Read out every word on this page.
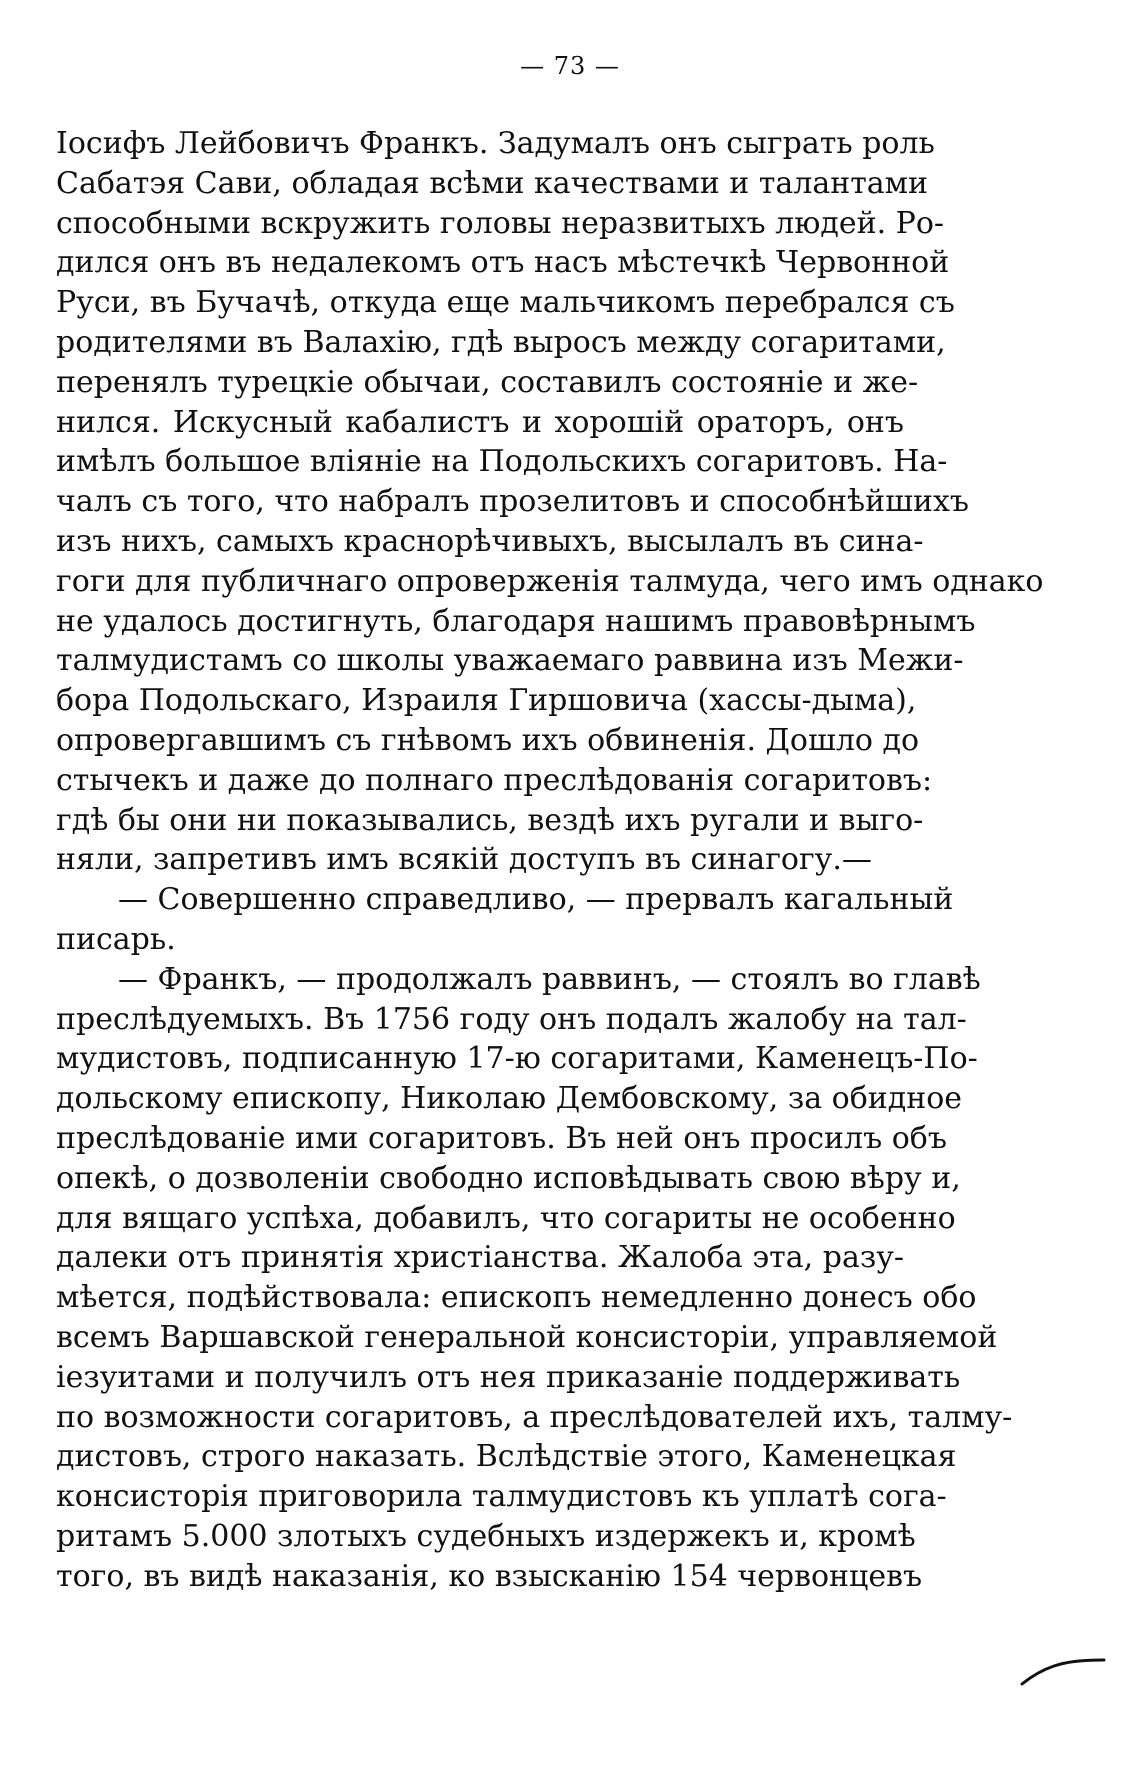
— 73 —
Іосифъ Лейбовичъ Франкъ. Задумалъ онъ сыграть роль
Сабатэя Сави, обладая всѣми качествами и талантами
способными вскружить головы неразвитыхъ людей. Ро-
дился онъ въ недалекомъ отъ насъ мѣстечкѣ Червонной
Руси, въ Бучачѣ, откуда еще мальчикомъ перебрался съ
родителями въ Валахію, гдѣ выросъ между согаритами,
перенялъ турецкіе обычаи, составилъ состояніе и же-
нился. Искусный кабалистъ и хорошій ораторъ, онъ
имѣлъ большое вліяніе на Подольскихъ согаритовъ. На-
чалъ съ того, что набралъ прозелитовъ и способнѣйшихъ
изъ нихъ, самыхъ краснорѣчивыхъ, высылалъ въ сина-
гоги для публичнаго опроверженія талмуда, чего имъ однако
не удалось достигнуть, благодаря нашимъ правовѣрнымъ
талмудистамъ со школы уважаемаго раввина изъ Межи-
бора Подольскаго, Израиля Гиршовича (хассы-дыма),
опровергавшимъ съ гнѣвомъ ихъ обвиненія. Дошло до
стычекъ и даже до полнаго преслѣдованія согаритовъ:
гдѣ бы они ни показывались, вездѣ ихъ ругали и выго-
няли, запретивъ имъ всякій доступъ въ синагогу.—
— Совершенно справедливо, — прервалъ кагальный
писарь.
— Франкъ, — продолжалъ раввинъ, — стоялъ во главѣ
преслѣдуемыхъ. Въ 1756 году онъ подалъ жалобу на тал-
мудистовъ, подписанную 17-ю согаритами, Каменецъ-По-
дольскому епископу, Николаю Дембовскому, за обидное
преслѣдованіе ими согаритовъ. Въ ней онъ просилъ объ
опекѣ, о дозволеніи свободно исповѣдывать свою вѣру и,
для вящаго успѣха, добавилъ, что согариты не особенно
далеки отъ принятія христіанства. Жалоба эта, разу-
мѣется, подѣйствовала: епископъ немедленно донесъ обо
всемъ Варшавской генеральной консисторіи, управляемой
іезуитами и получилъ отъ нея приказаніе поддерживать
по возможности согаритовъ, а преслѣдователей ихъ, талму-
дистовъ, строго наказать. Вслѣдствіе этого, Каменецкая
консисторія приговорила талмудистовъ къ уплатѣ сога-
ритамъ 5.000 злотыхъ судебныхъ издержекъ и, кромѣ
того, въ видѣ наказанія, ко взысканію 154 червонцевъ
